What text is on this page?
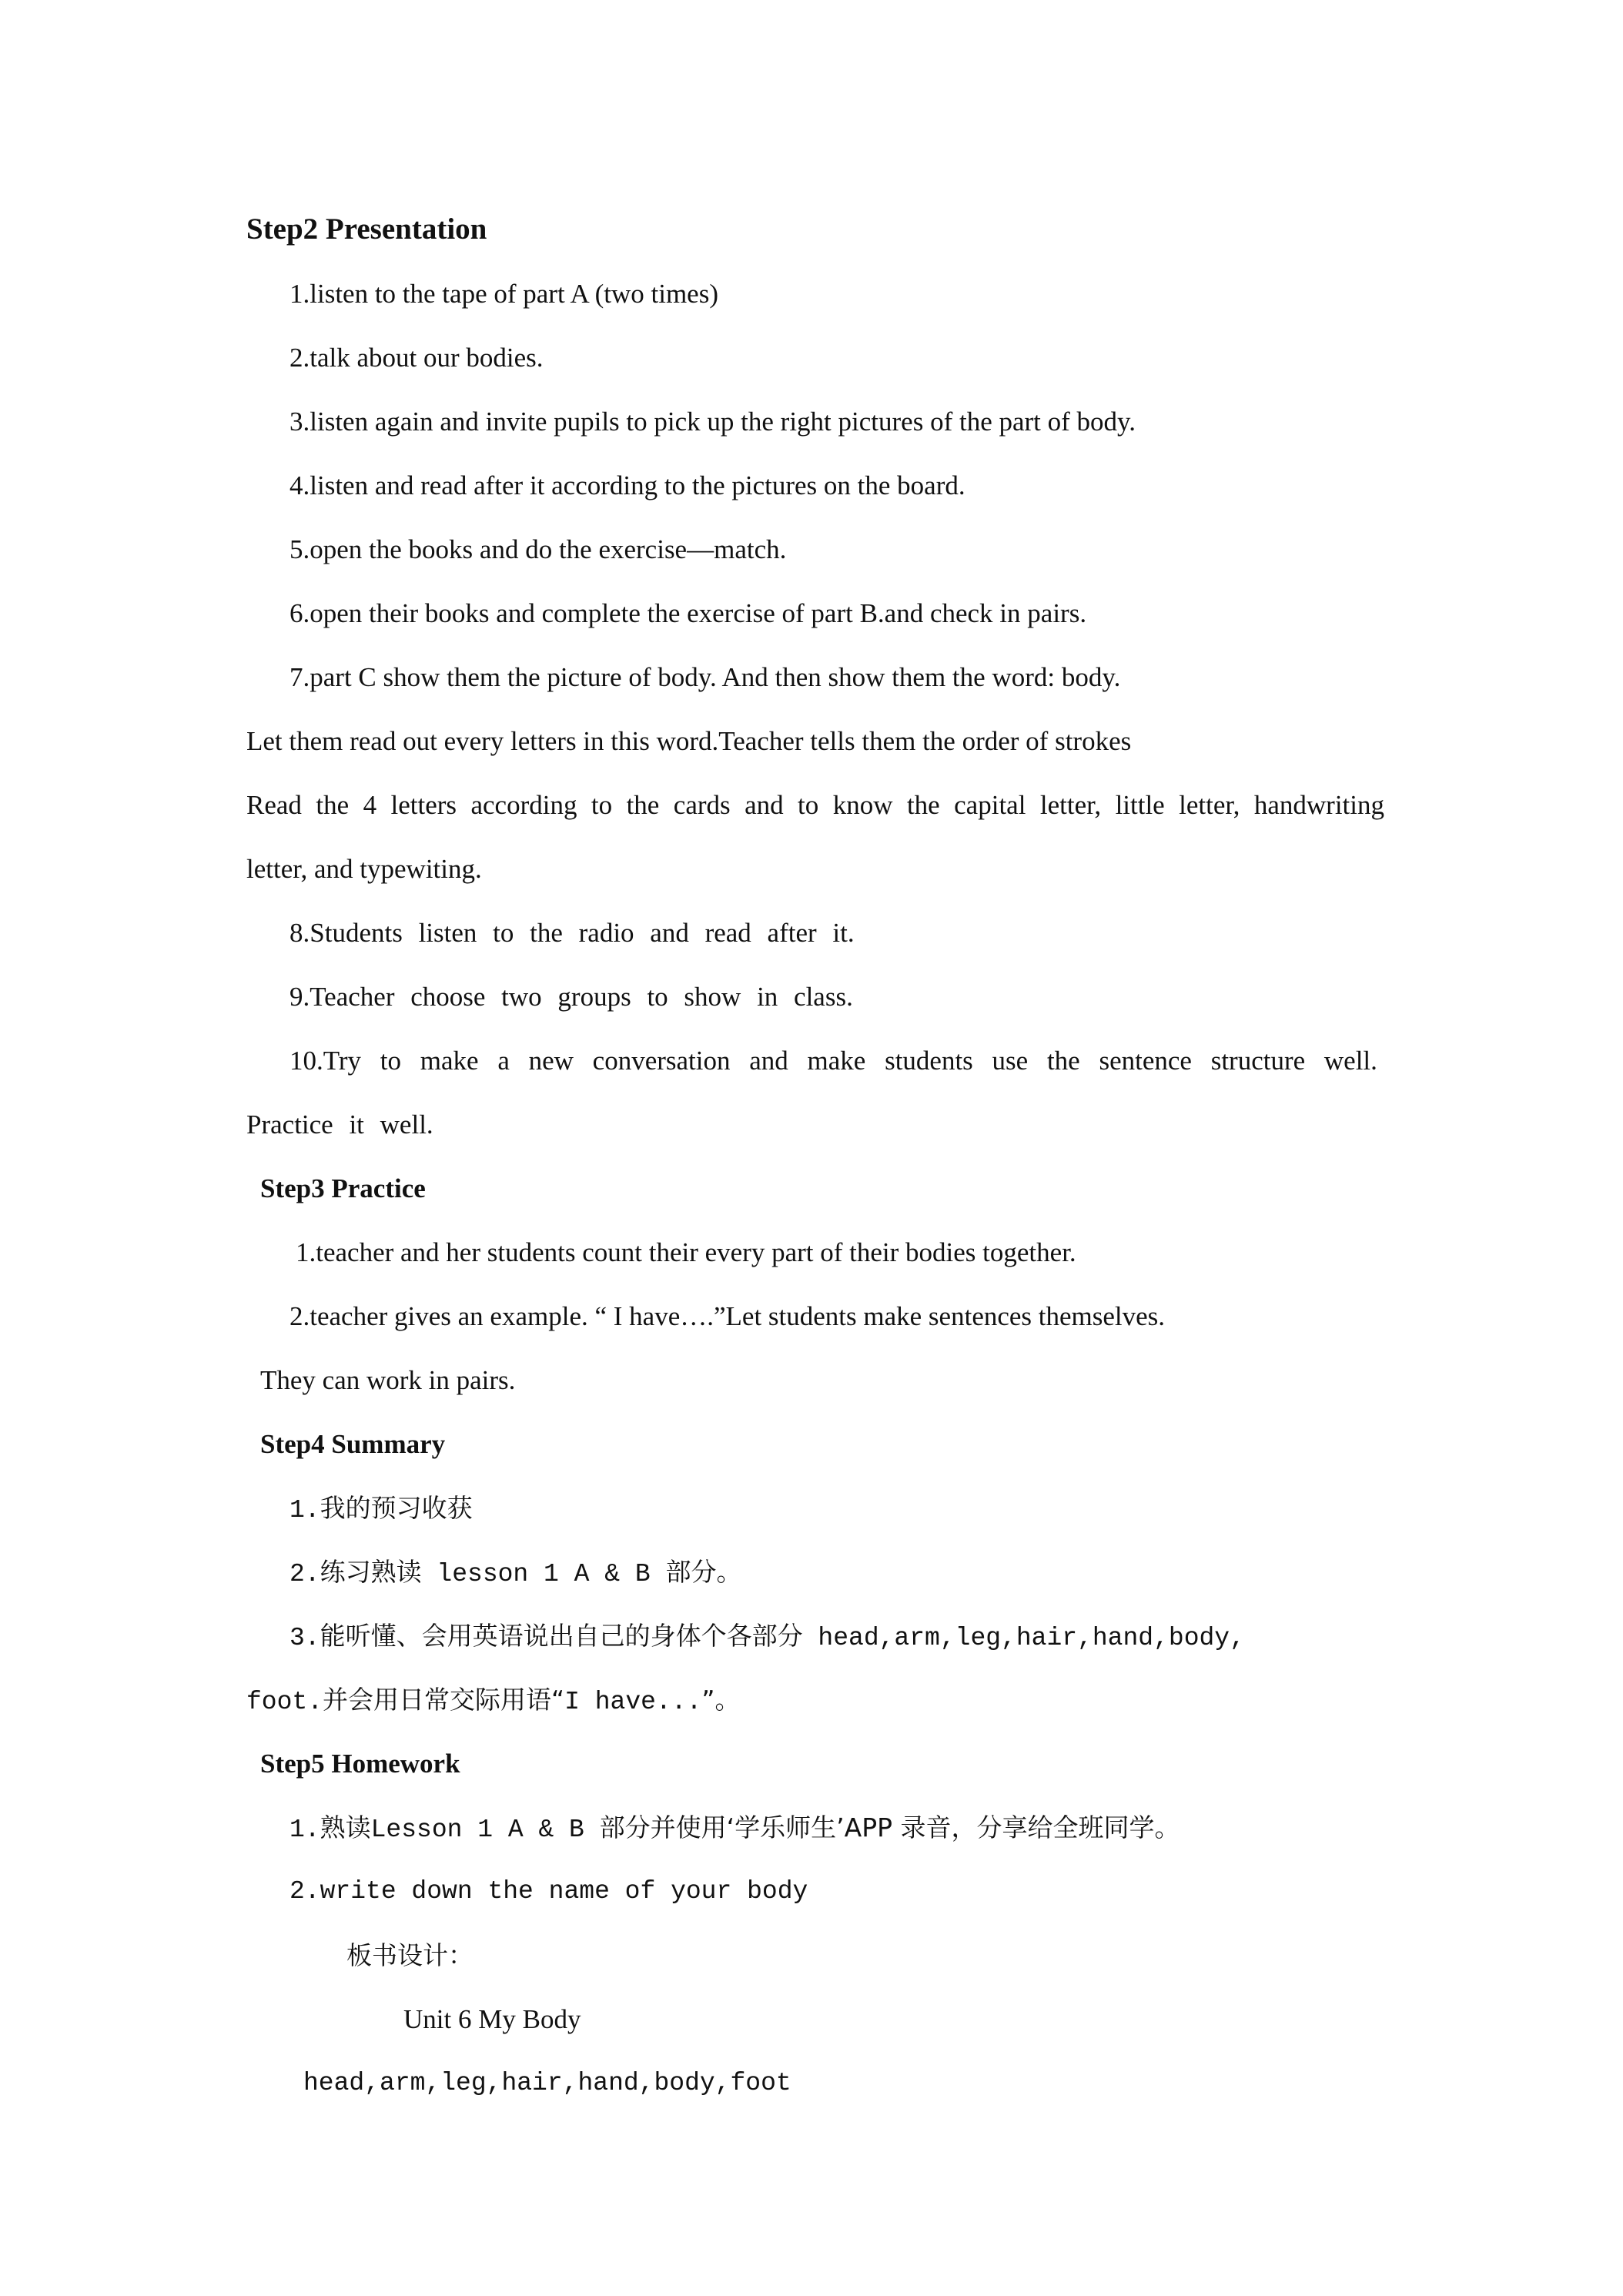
Step2 Presentation
1.listen to the tape of part A (two times)
2.talk about our bodies.
3.listen again and invite pupils to pick up the right pictures of the part of body.
4.listen and read after it according to the pictures on the board.
5.open the books and do the exercise—match.
6.open their books and complete the exercise of part B.and check in pairs.
7.part C show them the picture of body. And then show them the word: body.
Let them read out every letters in this word.Teacher tells them the order of strokes
Read the 4 letters according to the cards and to know the capital letter, little letter, handwriting
letter, and typewiting.
8.Students listen to the radio and read after it.
9.Teacher choose two groups to show in class.
10.Try to make a new conversation and make students use the sentence structure well.
Practice it well.
Step3 Practice
1.teacher and her students count their every part of their bodies together.
2.teacher gives an example. “ I have….”Let students make sentences themselves.
They can work in pairs.
Step4 Summary
1.我的预习收获
2.练习熟读 lesson 1 A & B 部分。
3.能听懂、会用英语说出自己的身体个各部分 head,arm,leg,hair,hand,body,
foot.并会用日常交际用语“I have...”。
Step5 Homework
1.熟读Lesson 1 A & B 部分并使用‘学乐师生’APP 录音，分享给全班同学。
2.write down the name of your body
板书设计：
Unit 6 My Body
head,arm,leg,hair,hand,body,foot
